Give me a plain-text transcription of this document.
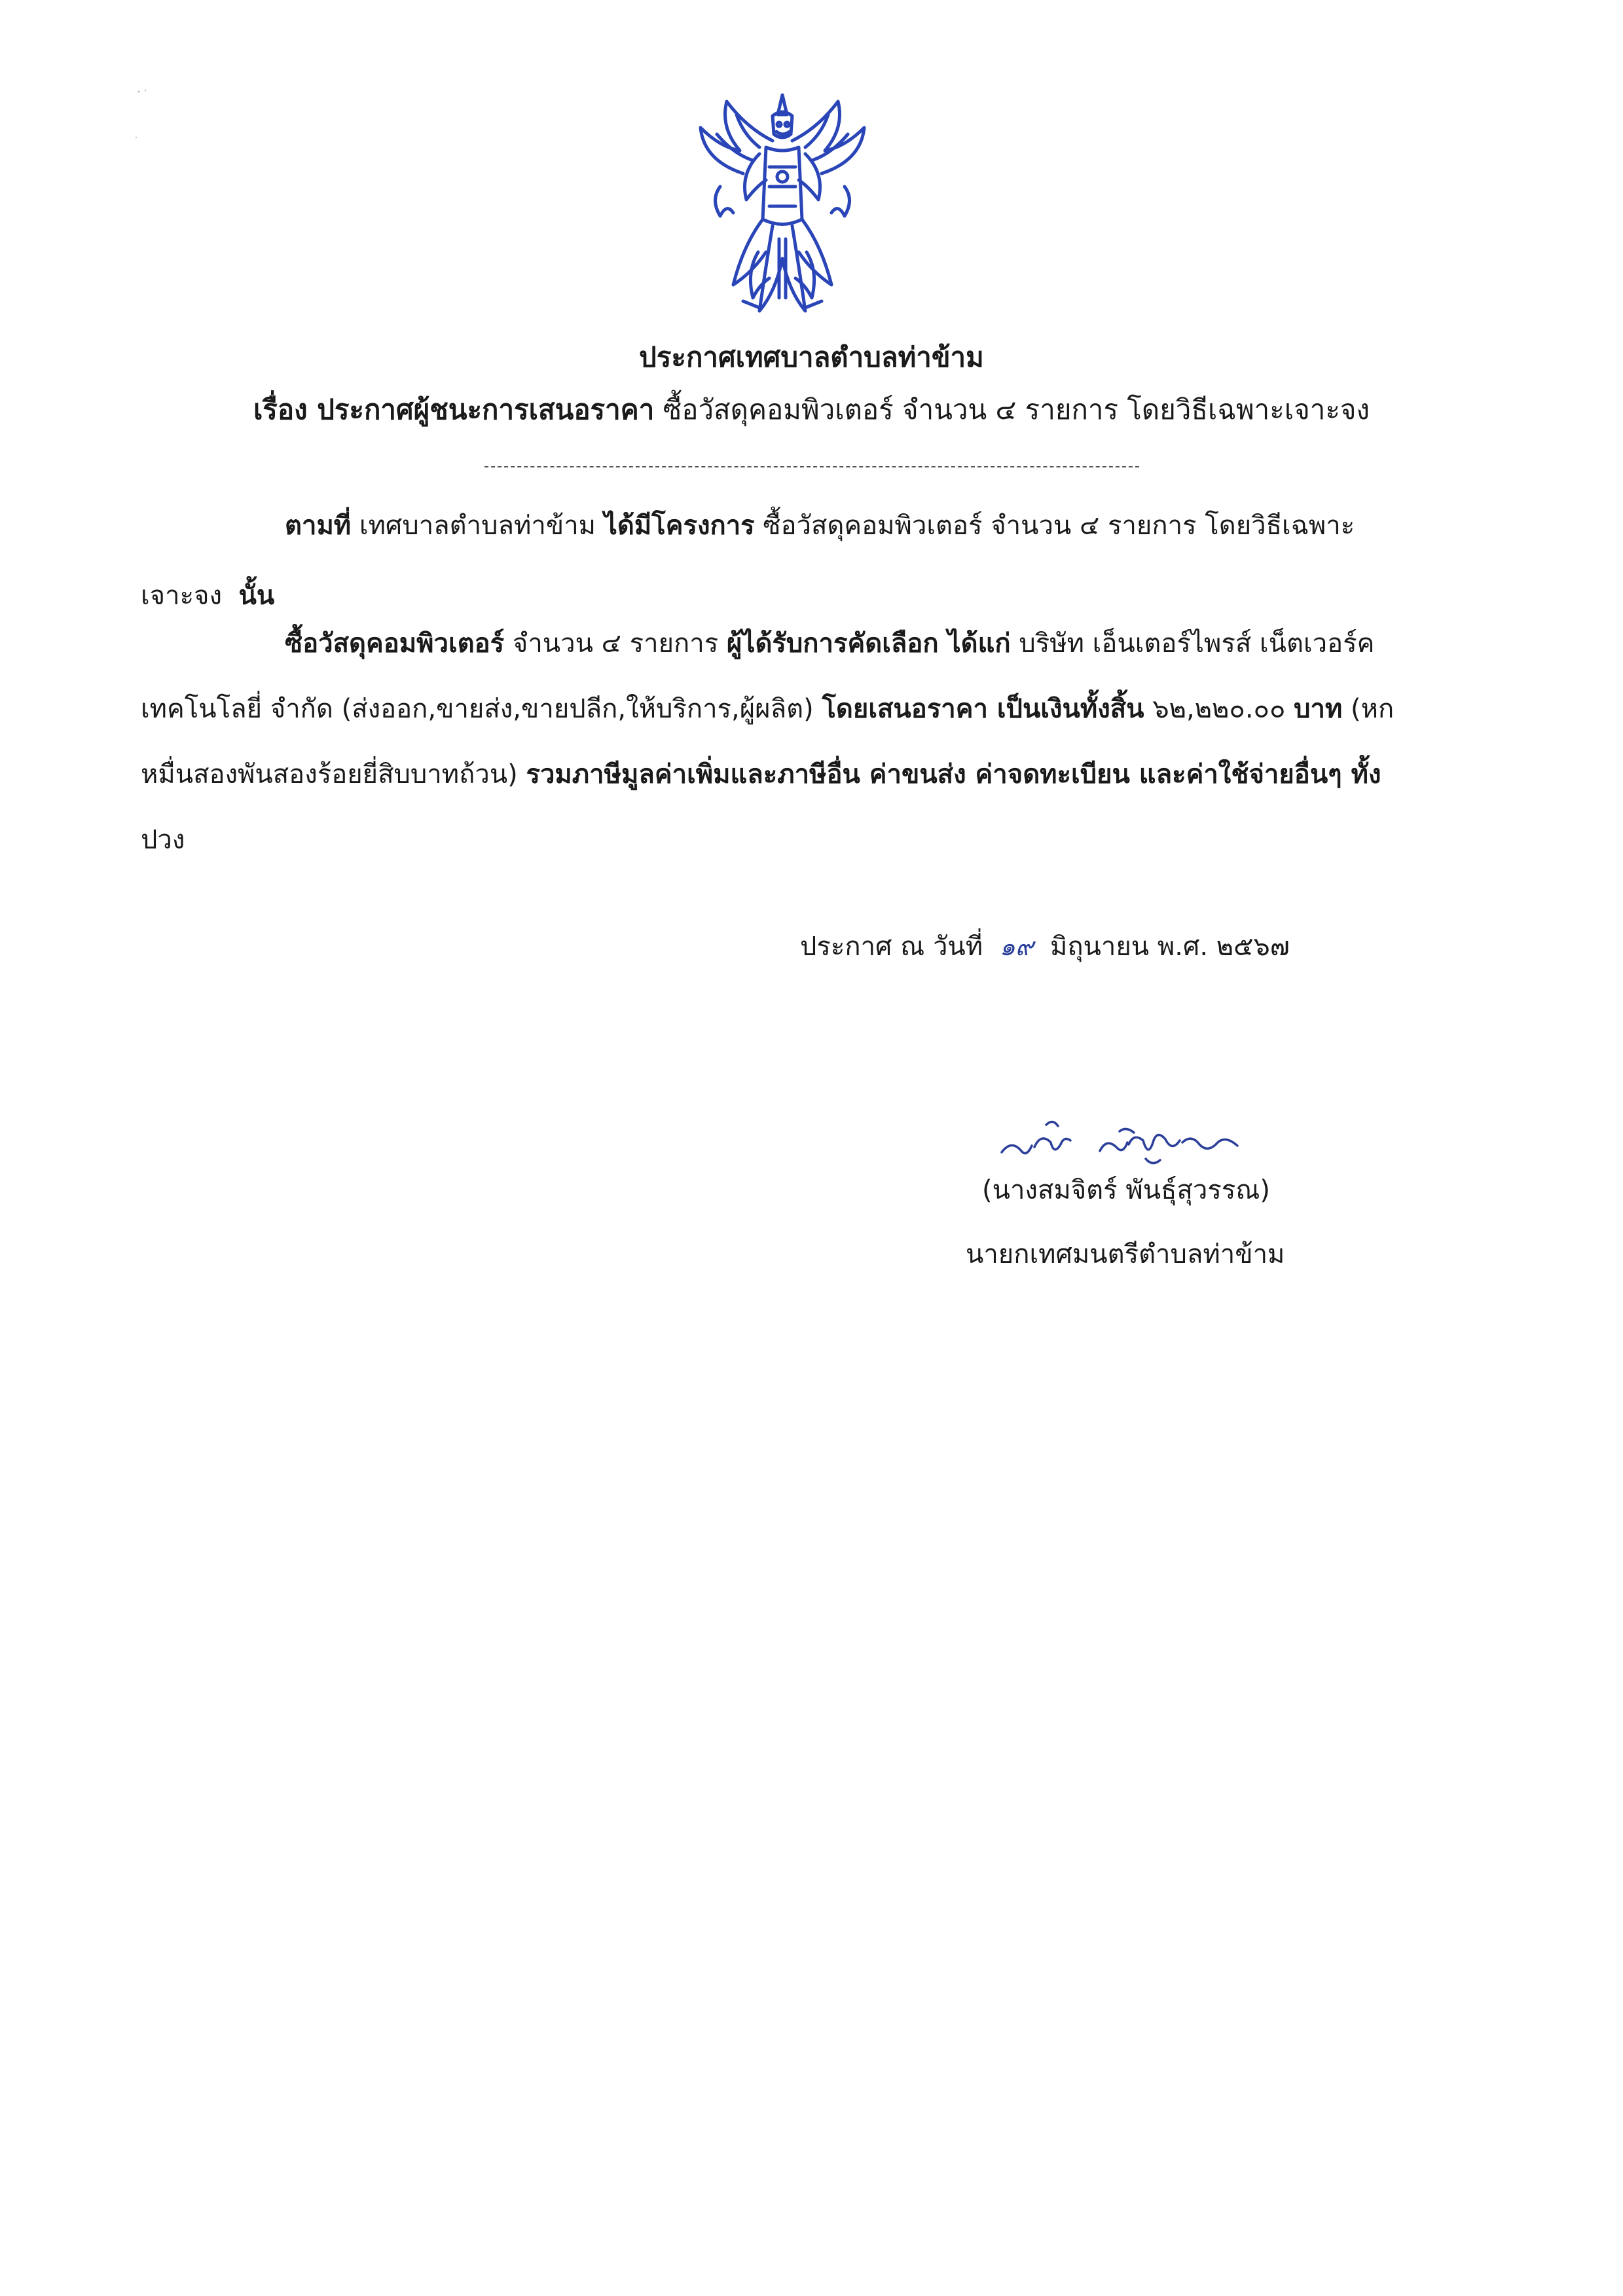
ประกาศเทศบาลตำบลท่าข้าม
เรื่อง ประกาศผู้ชนะการเสนอราคา ซื้อวัสดุคอมพิวเตอร์ จำนวน ๔ รายการ โดยวิธีเฉพาะเจาะจง
ตามที่ เทศบาลตำบลท่าข้าม ได้มีโครงการ ซื้อวัสดุคอมพิวเตอร์ จำนวน ๔ รายการ โดยวิธีเฉพาะ
เจาะจง นั้น
ซื้อวัสดุคอมพิวเตอร์ จำนวน ๔ รายการ ผู้ได้รับการคัดเลือก ได้แก่ บริษัท เอ็นเตอร์ไพรส์ เน็ตเวอร์ค
เทคโนโลยี่ จำกัด (ส่งออก,ขายส่ง,ขายปลีก,ให้บริการ,ผู้ผลิต) โดยเสนอราคา เป็นเงินทั้งสิ้น ๖๒,๒๒๐.๐๐ บาท (หก
หมื่นสองพันสองร้อยยี่สิบบาทถ้วน) รวมภาษีมูลค่าเพิ่มและภาษีอื่น ค่าขนส่ง ค่าจดทะเบียน และค่าใช้จ่ายอื่นๆ ทั้ง
ปวง
ประกาศ ณ วันที่ ๑๙ มิถุนายน พ.ศ. ๒๕๖๗
(นางสมจิตร์ พันธุ์สุวรรณ)
นายกเทศมนตรีตำบลท่าข้าม
